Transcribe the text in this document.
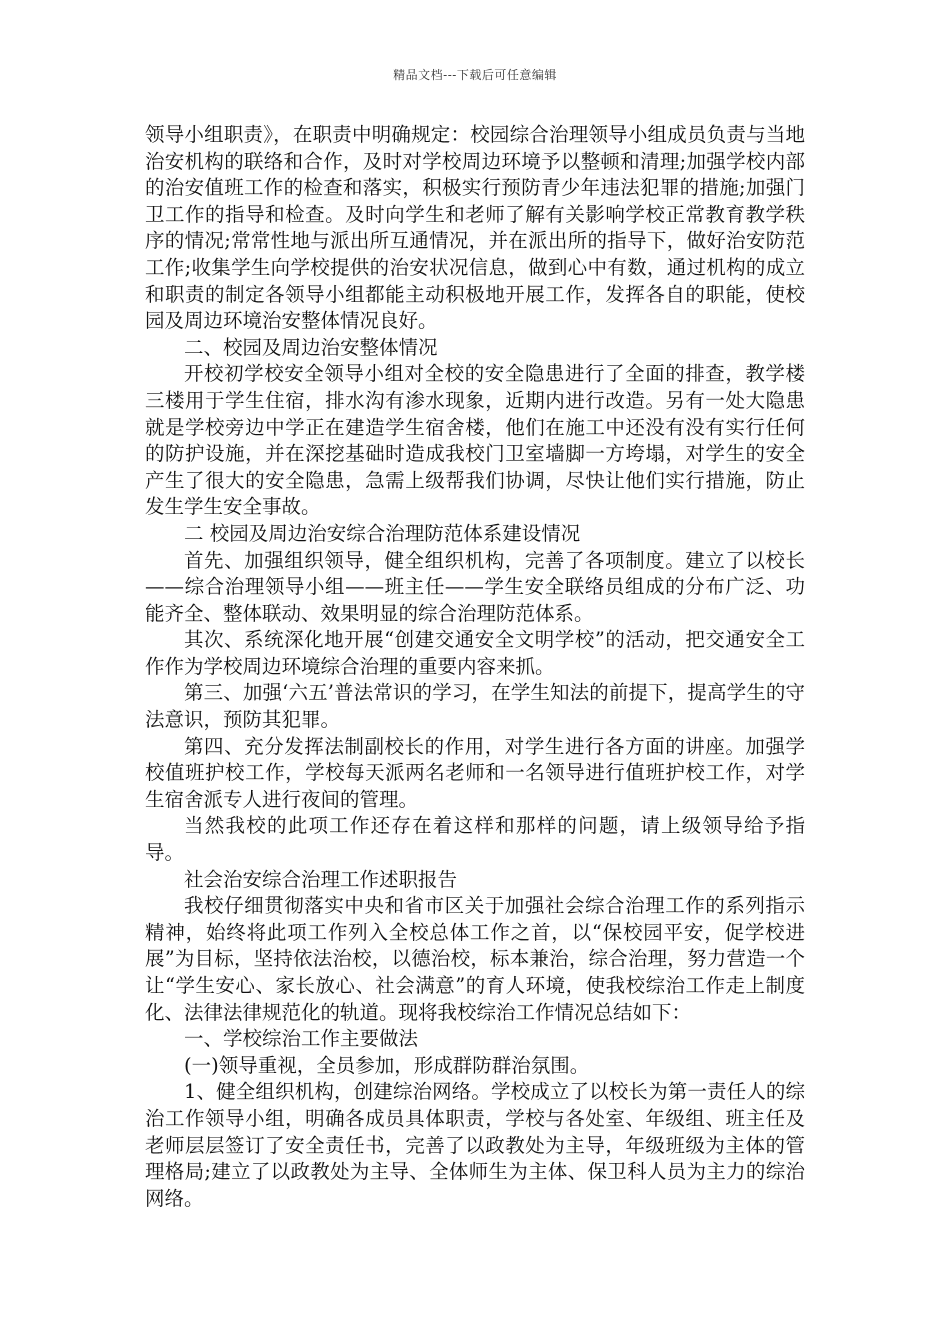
精品文档---下载后可任意编辑

领导小组职责》，在职责中明确规定：校园综合治理领导小组成员负责与当地治安机构的联络和合作，及时对学校周边环境予以整顿和清理;加强学校内部的治安值班工作的检查和落实，积极实行预防青少年违法犯罪的措施;加强门卫工作的指导和检查。及时向学生和老师了解有关影响学校正常教育教学秩序的情况;常常性地与派出所互通情况，并在派出所的指导下，做好治安防范工作;收集学生向学校提供的治安状况信息，做到心中有数，通过机构的成立和职责的制定各领导小组都能主动积极地开展工作，发挥各自的职能，使校园及周边环境治安整体情况良好。

二、校园及周边治安整体情况

开校初学校安全领导小组对全校的安全隐患进行了全面的排查，教学楼三楼用于学生住宿，排水沟有渗水现象，近期内进行改造。另有一处大隐患就是学校旁边中学正在建造学生宿舍楼，他们在施工中还没有没有实行任何的防护设施，并在深挖基础时造成我校门卫室墙脚一方垮塌，对学生的安全产生了很大的安全隐患，急需上级帮我们协调，尽快让他们实行措施，防止发生学生安全事故。

二 校园及周边治安综合治理防范体系建设情况

首先、加强组织领导，健全组织机构，完善了各项制度。建立了以校长——综合治理领导小组——班主任——学生安全联络员组成的分布广泛、功能齐全、整体联动、效果明显的综合治理防范体系。

其次、系统深化地开展“创建交通安全文明学校”的活动，把交通安全工作作为学校周边环境综合治理的重要内容来抓。

第三、加强‘六五’普法常识的学习，在学生知法的前提下，提高学生的守法意识，预防其犯罪。

第四、充分发挥法制副校长的作用，对学生进行各方面的讲座。加强学校值班护校工作，学校每天派两名老师和一名领导进行值班护校工作，对学生宿舍派专人进行夜间的管理。

当然我校的此项工作还存在着这样和那样的问题，请上级领导给予指导。

社会治安综合治理工作述职报告

我校仔细贯彻落实中央和省市区关于加强社会综合治理工作的系列指示精神，始终将此项工作列入全校总体工作之首，以“保校园平安，促学校进展”为目标，坚持依法治校，以德治校，标本兼治，综合治理，努力营造一个让“学生安心、家长放心、社会满意”的育人环境，使我校综治工作走上制度化、法律法律规范化的轨道。现将我校综治工作情况总结如下：

一、学校综治工作主要做法

(一)领导重视，全员参加，形成群防群治氛围。

1、健全组织机构，创建综治网络。学校成立了以校长为第一责任人的综治工作领导小组，明确各成员具体职责，学校与各处室、年级组、班主任及老师层层签订了安全责任书，完善了以政教处为主导，年级班级为主体的管理格局;建立了以政教处为主导、全体师生为主体、保卫科人员为主力的综治网络。
